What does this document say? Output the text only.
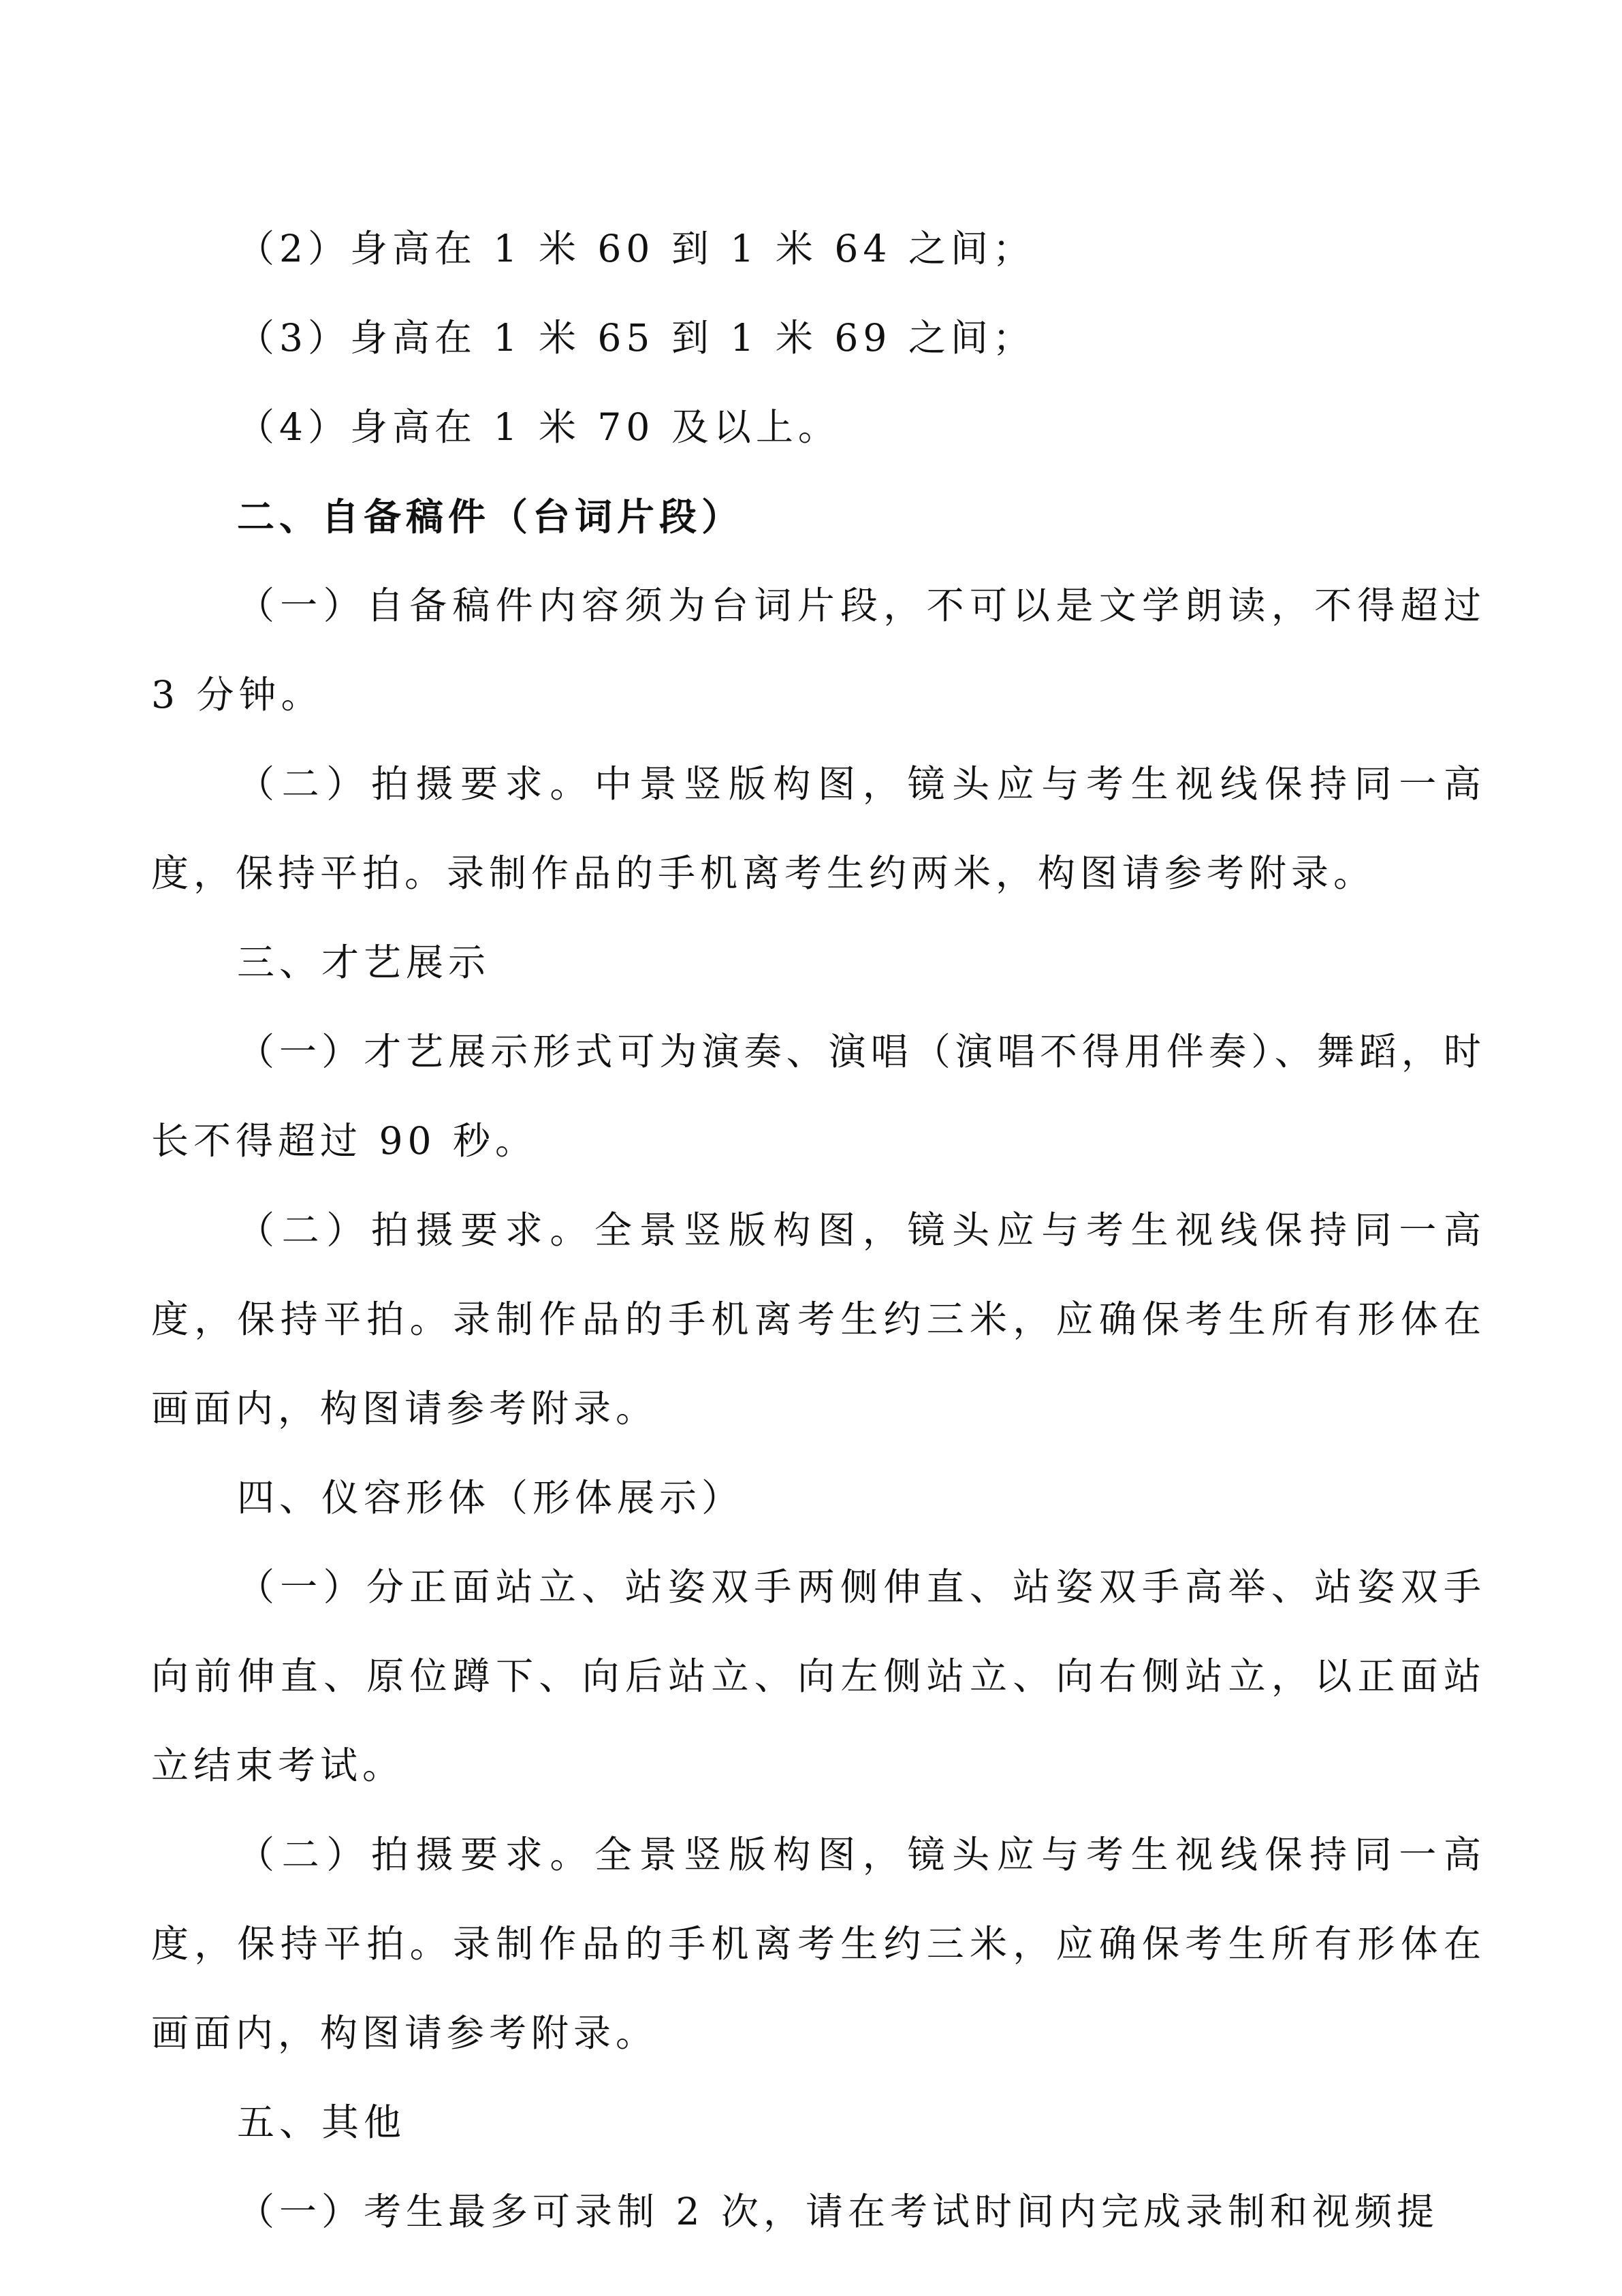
（2）身高在 1 米 60 到 1 米 64 之间；

（3）身高在 1 米 65 到 1 米 69 之间；

（4）身高在 1 米 70 及以上。

二、自备稿件（台词片段）

（一）自备稿件内容须为台词片段，不可以是文学朗读，不得超过 3 分钟。

（二）拍摄要求。中景竖版构图，镜头应与考生视线保持同一高度，保持平拍。录制作品的手机离考生约两米，构图请参考附录。

三、才艺展示

（一）才艺展示形式可为演奏、演唱（演唱不得用伴奏）、舞蹈，时长不得超过 90 秒。

（二）拍摄要求。全景竖版构图，镜头应与考生视线保持同一高度，保持平拍。录制作品的手机离考生约三米，应确保考生所有形体在画面内，构图请参考附录。

四、仪容形体（形体展示）

（一）分正面站立、站姿双手两侧伸直、站姿双手高举、站姿双手向前伸直、原位蹲下、向后站立、向左侧站立、向右侧站立，以正面站立结束考试。

（二）拍摄要求。全景竖版构图，镜头应与考生视线保持同一高度，保持平拍。录制作品的手机离考生约三米，应确保考生所有形体在画面内，构图请参考附录。

五、其他

（一）考生最多可录制 2 次，请在考试时间内完成录制和视频提
